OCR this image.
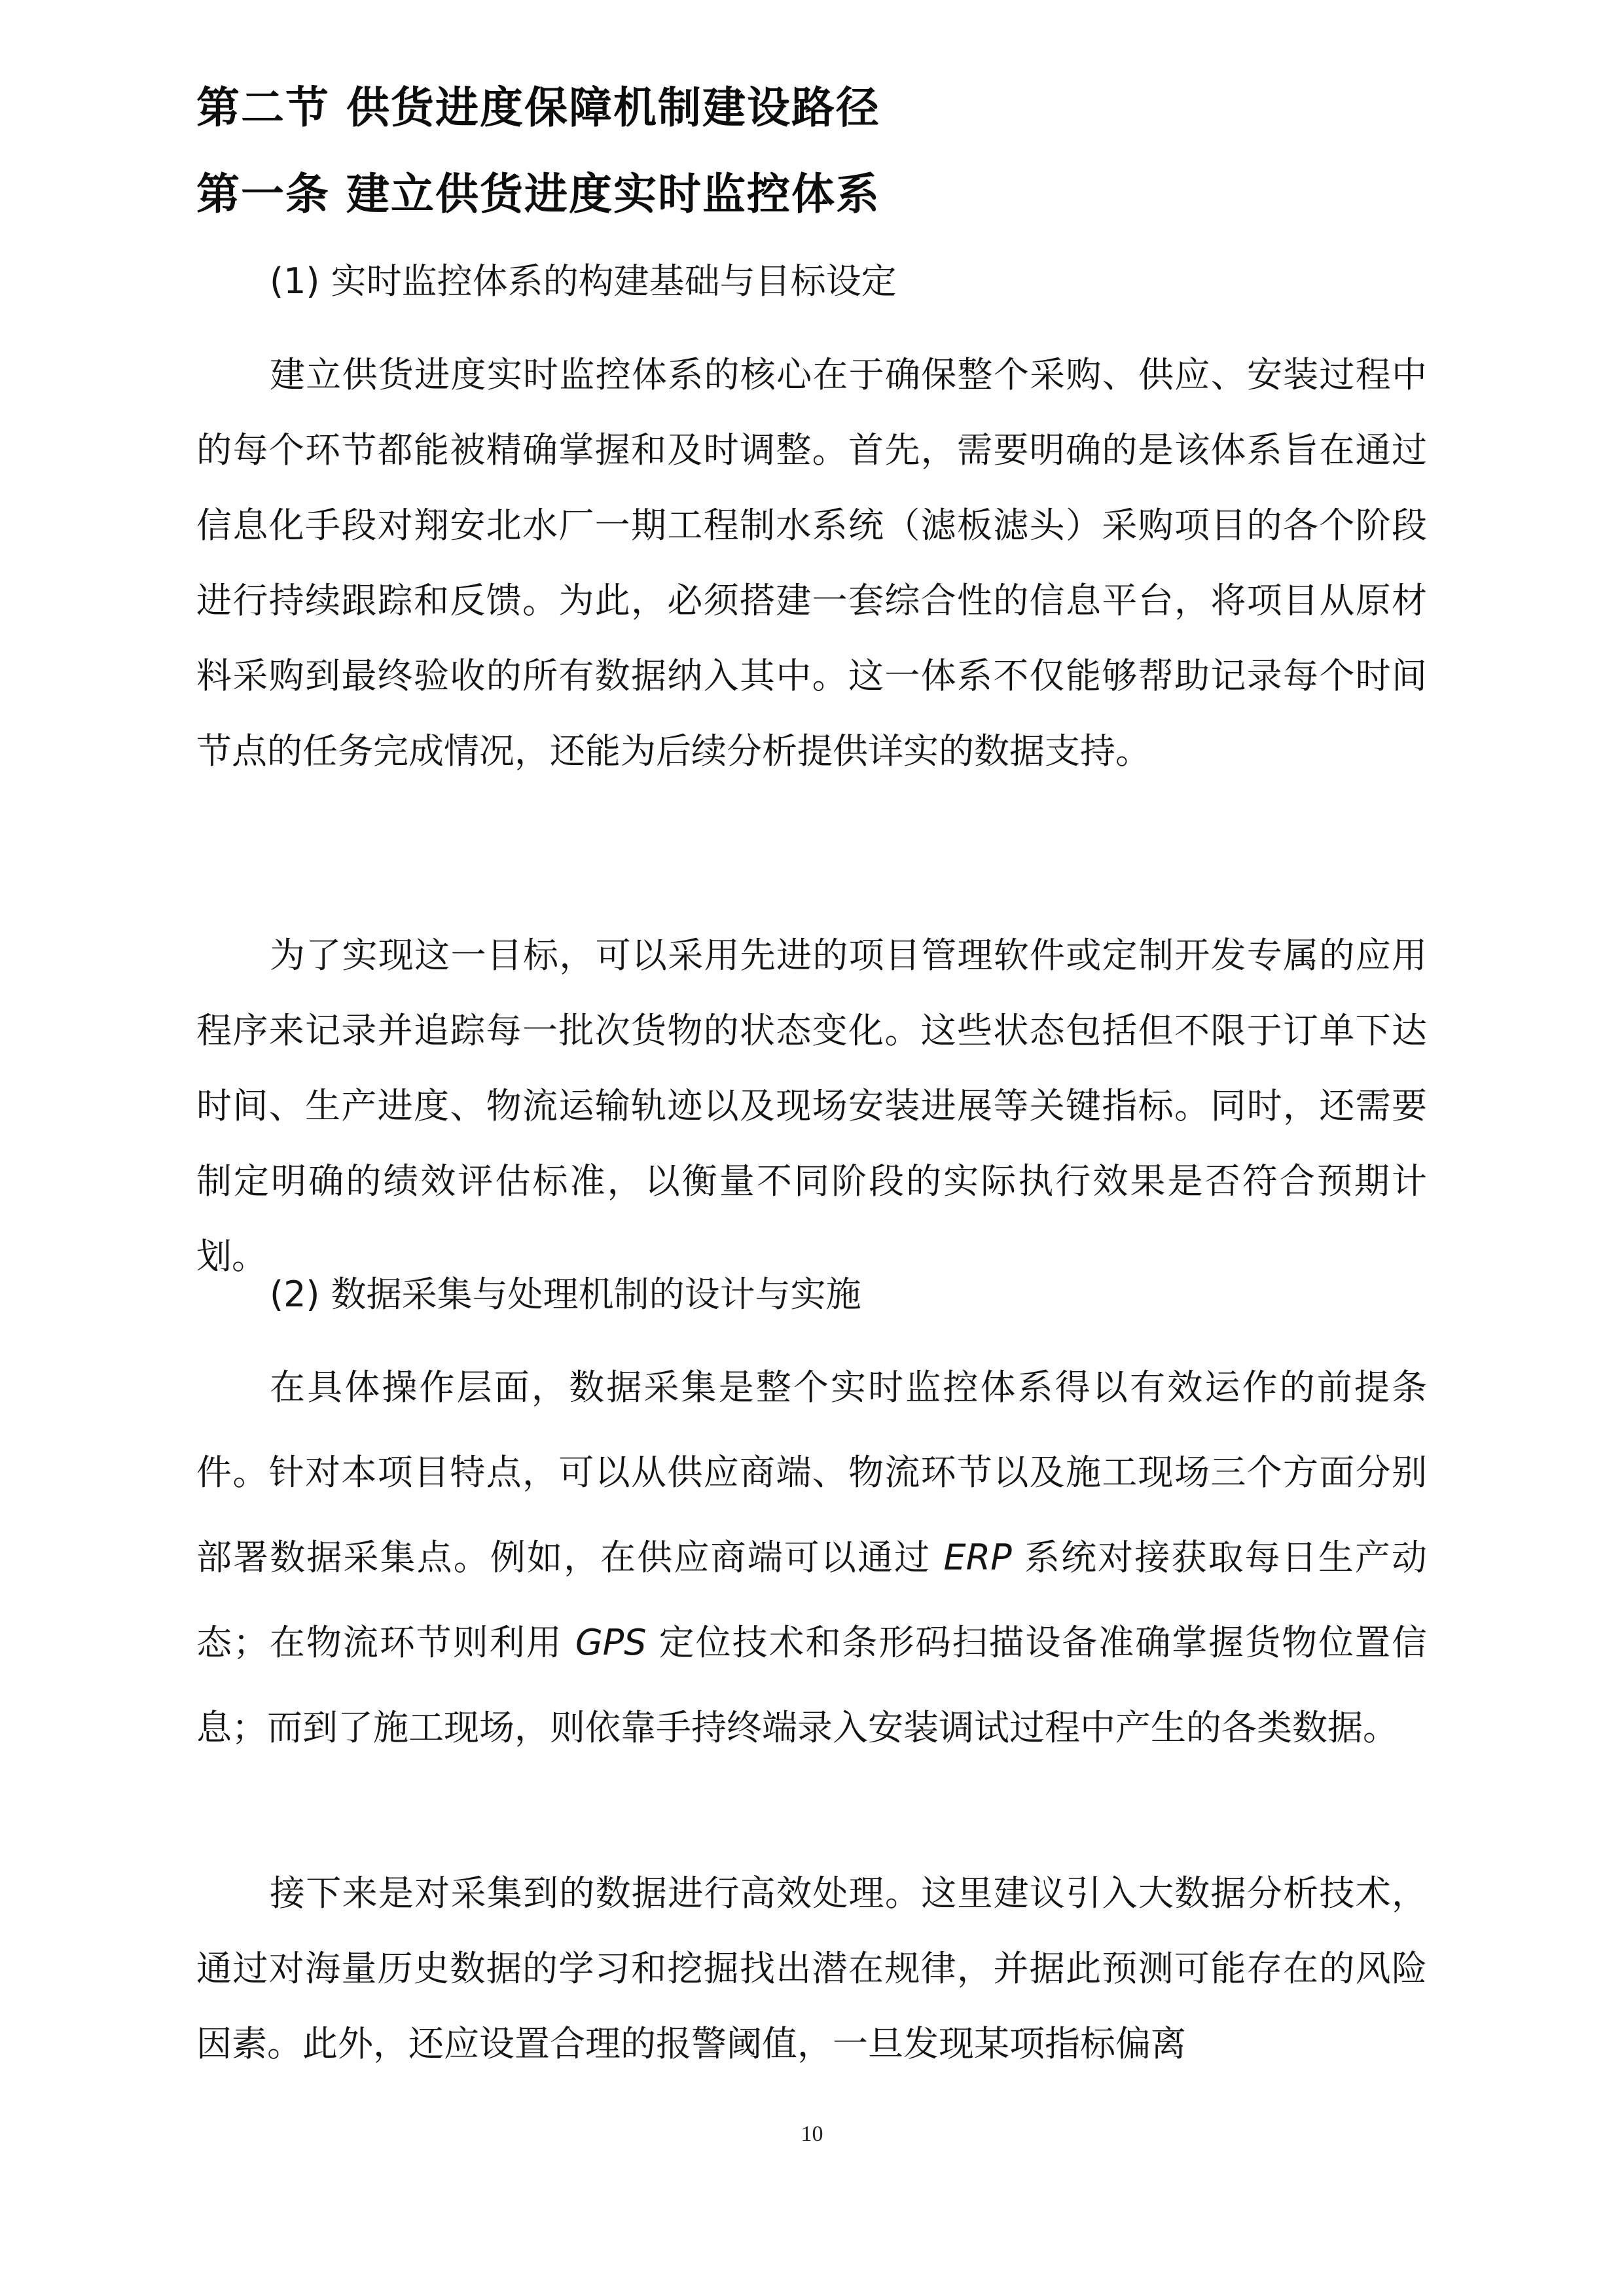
第二节 供货进度保障机制建设路径
第一条 建立供货进度实时监控体系
(1) 实时监控体系的构建基础与目标设定

建立供货进度实时监控体系的核心在于确保整个采购、供应、安装过程中的每个环节都能被精确掌握和及时调整。首先，需要明确的是该体系旨在通过信息化手段对翔安北水厂一期工程制水系统（滤板滤头）采购项目的各个阶段进行持续跟踪和反馈。为此，必须搭建一套综合性的信息平台，将项目从原材料采购到最终验收的所有数据纳入其中。这一体系不仅能够帮助记录每个时间节点的任务完成情况，还能为后续分析提供详实的数据支持。

为了实现这一目标，可以采用先进的项目管理软件或定制开发专属的应用程序来记录并追踪每一批次货物的状态变化。这些状态包括但不限于订单下达时间、生产进度、物流运输轨迹以及现场安装进展等关键指标。同时，还需要制定明确的绩效评估标准，以衡量不同阶段的实际执行效果是否符合预期计划。

(2) 数据采集与处理机制的设计与实施

在具体操作层面，数据采集是整个实时监控体系得以有效运作的前提条件。针对本项目特点，可以从供应商端、物流环节以及施工现场三个方面分别部署数据采集点。例如，在供应商端可以通过 ERP 系统对接获取每日生产动态；在物流环节则利用 GPS 定位技术和条形码扫描设备准确掌握货物位置信息；而到了施工现场，则依靠手持终端录入安装调试过程中产生的各类数据。

接下来是对采集到的数据进行高效处理。这里建议引入大数据分析技术，通过对海量历史数据的学习和挖掘找出潜在规律，并据此预测可能存在的风险因素。此外，还应设置合理的报警阈值，一旦发现某项指标偏离

10
